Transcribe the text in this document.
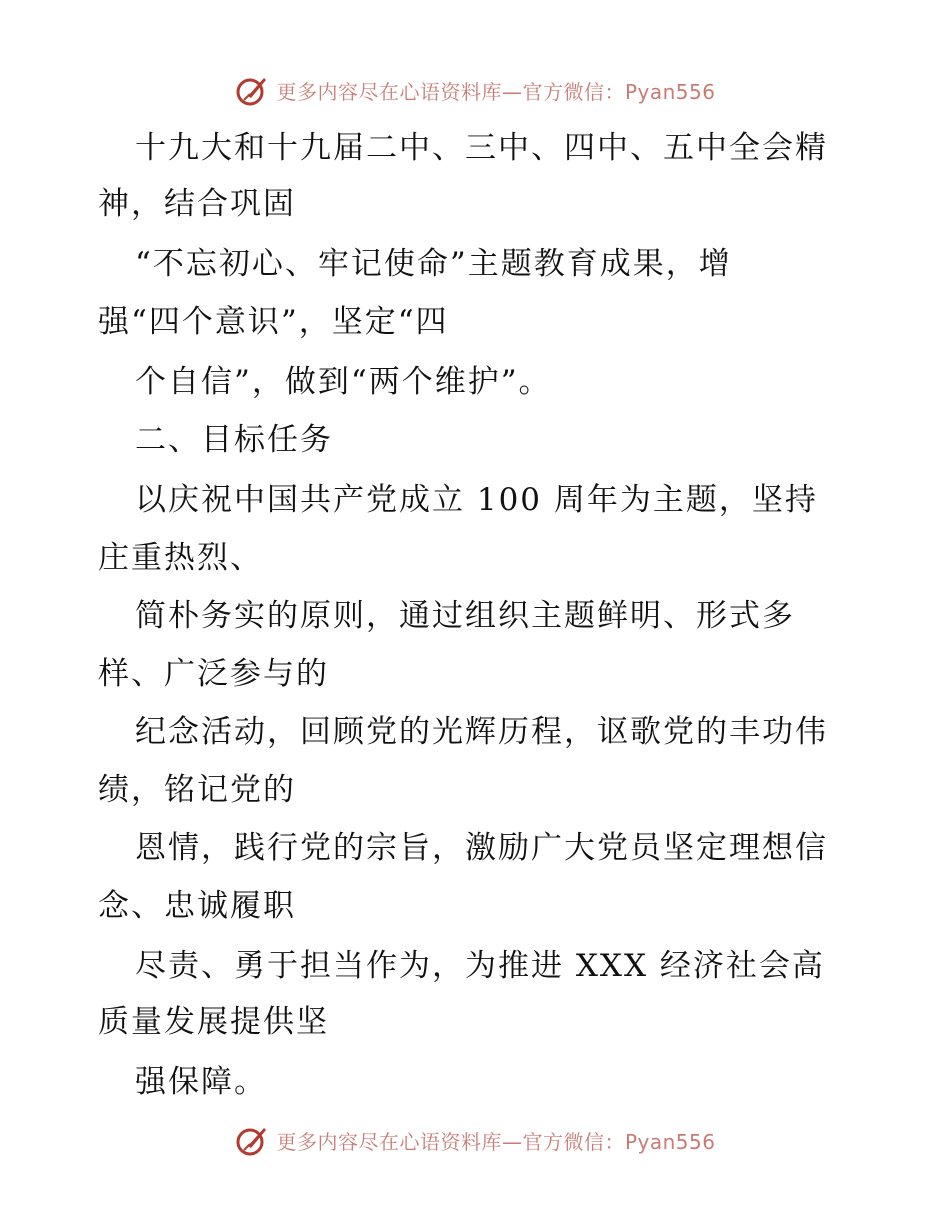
更多内容尽在心语资料库—官方微信：Pyan556
十九大和十九届二中、三中、四中、五中全会精
神，结合巩固
“不忘初心、牢记使命”主题教育成果，增
强“四个意识”，坚定“四
个自信”，做到“两个维护”。
二、目标任务
以庆祝中国共产党成立 100 周年为主题，坚持
庄重热烈、
简朴务实的原则，通过组织主题鲜明、形式多
样、广泛参与的
纪念活动，回顾党的光辉历程，讴歌党的丰功伟
绩，铭记党的
恩情，践行党的宗旨，激励广大党员坚定理想信
念、忠诚履职
尽责、勇于担当作为，为推进 XXX 经济社会高
质量发展提供坚
强保障。
更多内容尽在心语资料库—官方微信：Pyan556
